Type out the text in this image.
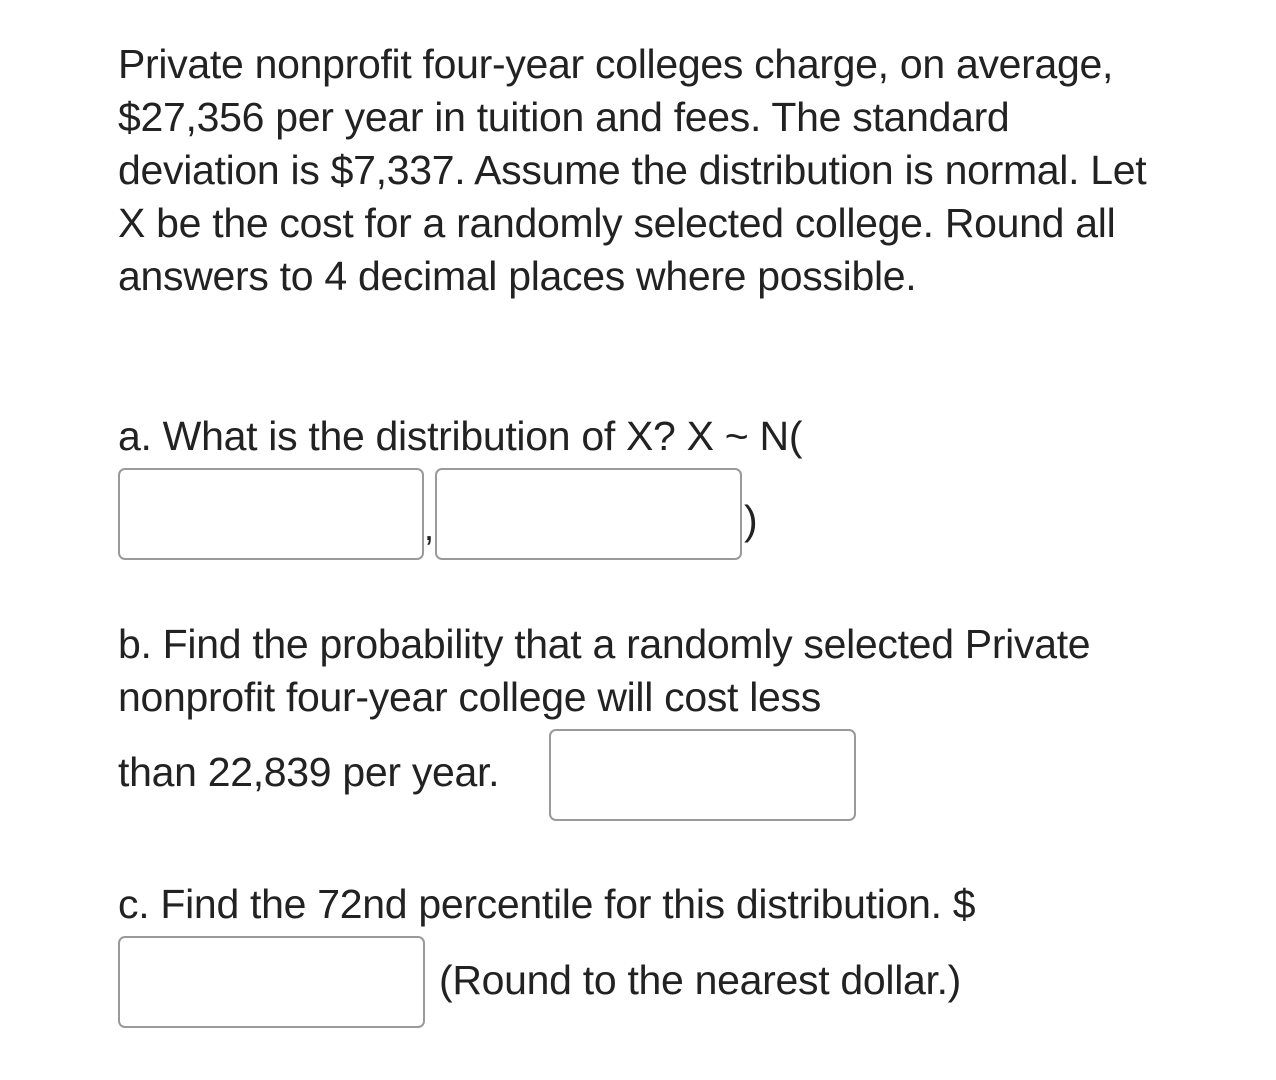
Private nonprofit four-year colleges charge, on average, $27,356 per year in tuition and fees. The standard deviation is $7,337. Assume the distribution is normal. Let X be the cost for a randomly selected college. Round all answers to 4 decimal places where possible.

a. What is the distribution of X? X ~ N(

,	)

b. Find the probability that a randomly selected Private nonprofit four-year college will cost less

than 22,839 per year.

c. Find the 72nd percentile for this distribution. $

(Round to the nearest dollar.)
